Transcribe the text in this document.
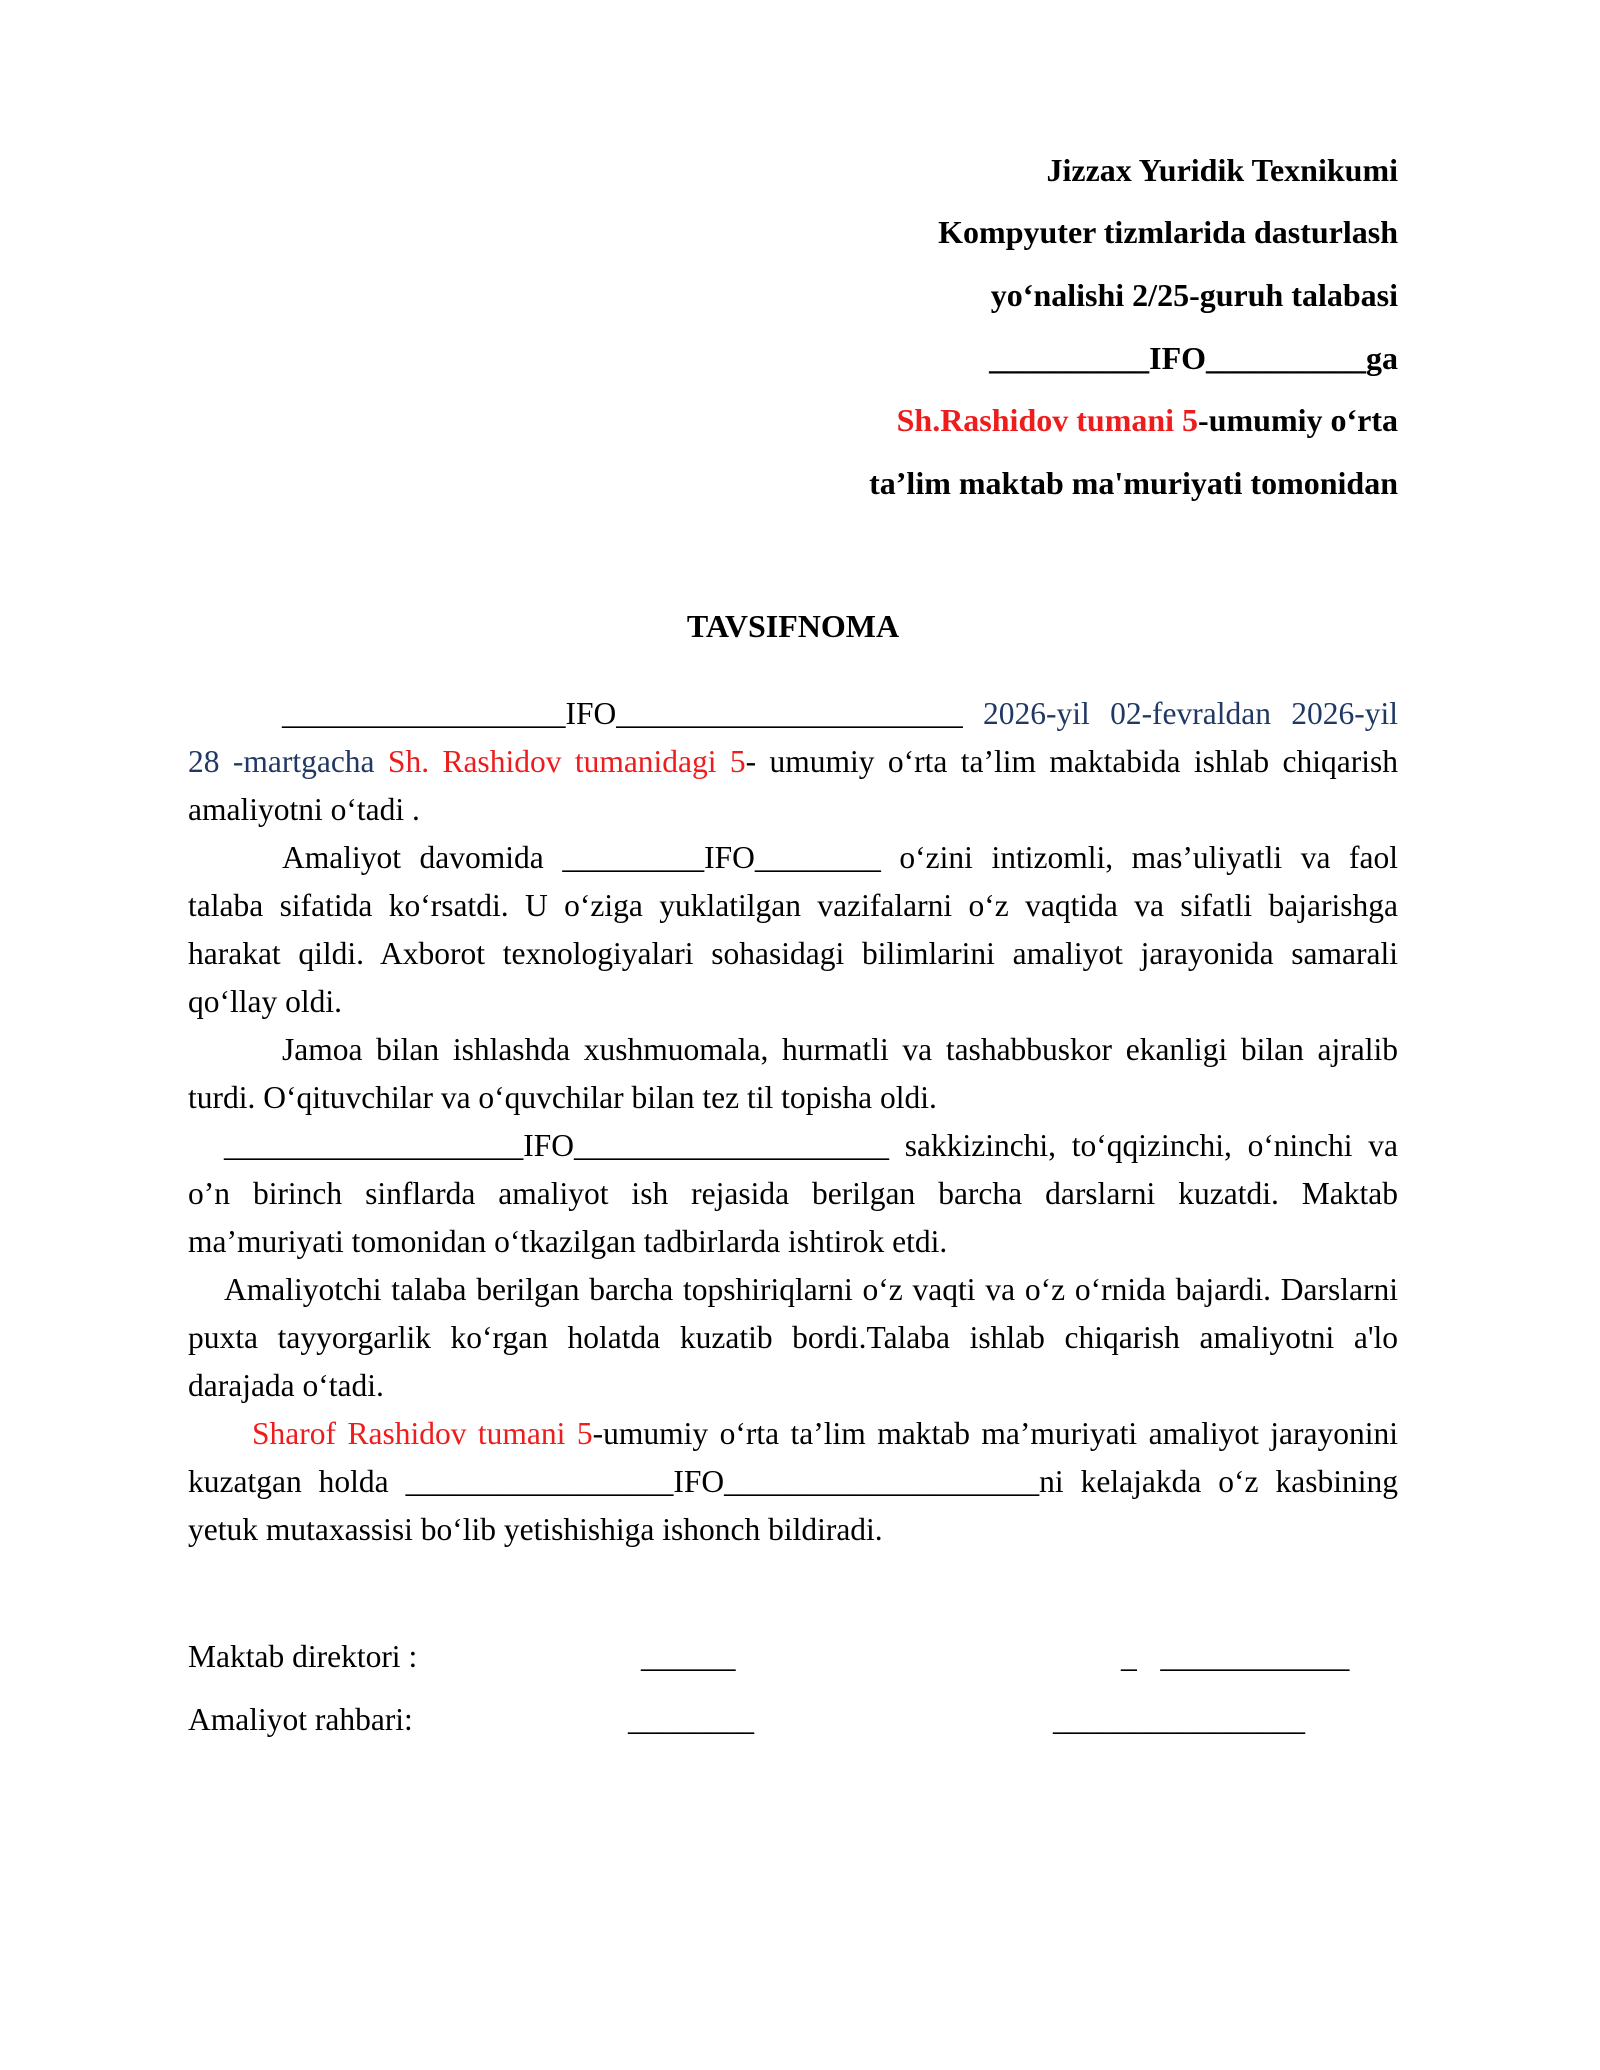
Jizzax Yuridik Texnikumi
Kompyuter tizmlarida dasturlash
yo‘nalishi 2/25-guruh talabasi
__________IFO__________ga
Sh.Rashidov tumani 5-umumiy o‘rta
ta’lim maktab ma'muriyati tomonidan
TAVSIFNOMA

__________________IFO______________________ 2026-yil 02-fevraldan 2026-yil 28 -martgacha Sh. Rashidov tumanidagi 5- umumiy o‘rta ta’lim maktabida ishlab chiqarish amaliyotni o‘tadi .

Amaliyot davomida _________IFO________ o‘zini intizomli, mas’uliyatli va faol talaba sifatida ko‘rsatdi. U o‘ziga yuklatilgan vazifalarni o‘z vaqtida va sifatli bajarishga harakat qildi. Axborot texnologiyalari sohasidagi bilimlarini amaliyot jarayonida samarali qo‘llay oldi.

Jamoa bilan ishlashda xushmuomala, hurmatli va tashabbuskor ekanligi bilan ajralib turdi. O‘qituvchilar va o‘quvchilar bilan tez til topisha oldi.

___________________IFO____________________ sakkizinchi, to‘qqizinchi, o‘ninchi va o’n birinch sinflarda amaliyot ish rejasida berilgan barcha darslarni kuzatdi. Maktab ma’muriyati tomonidan o‘tkazilgan tadbirlarda ishtirok etdi.

Amaliyotchi talaba berilgan barcha topshiriqlarni o‘z vaqti va o‘z o‘rnida bajardi. Darslarni puxta tayyorgarlik ko‘rgan holatda kuzatib bordi.Talaba ishlab chiqarish amaliyotni a'lo darajada o‘tadi.

Sharof Rashidov tumani 5-umumiy o‘rta ta’lim maktab ma’muriyati amaliyot jarayonini kuzatgan holda _________________IFO____________________ni kelajakda o‘z kasbining yetuk mutaxassisi bo‘lib yetishishiga ishonch bildiradi.

Maktab direktori :	______	_   ____________
Amaliyot rahbari:	________	________________
